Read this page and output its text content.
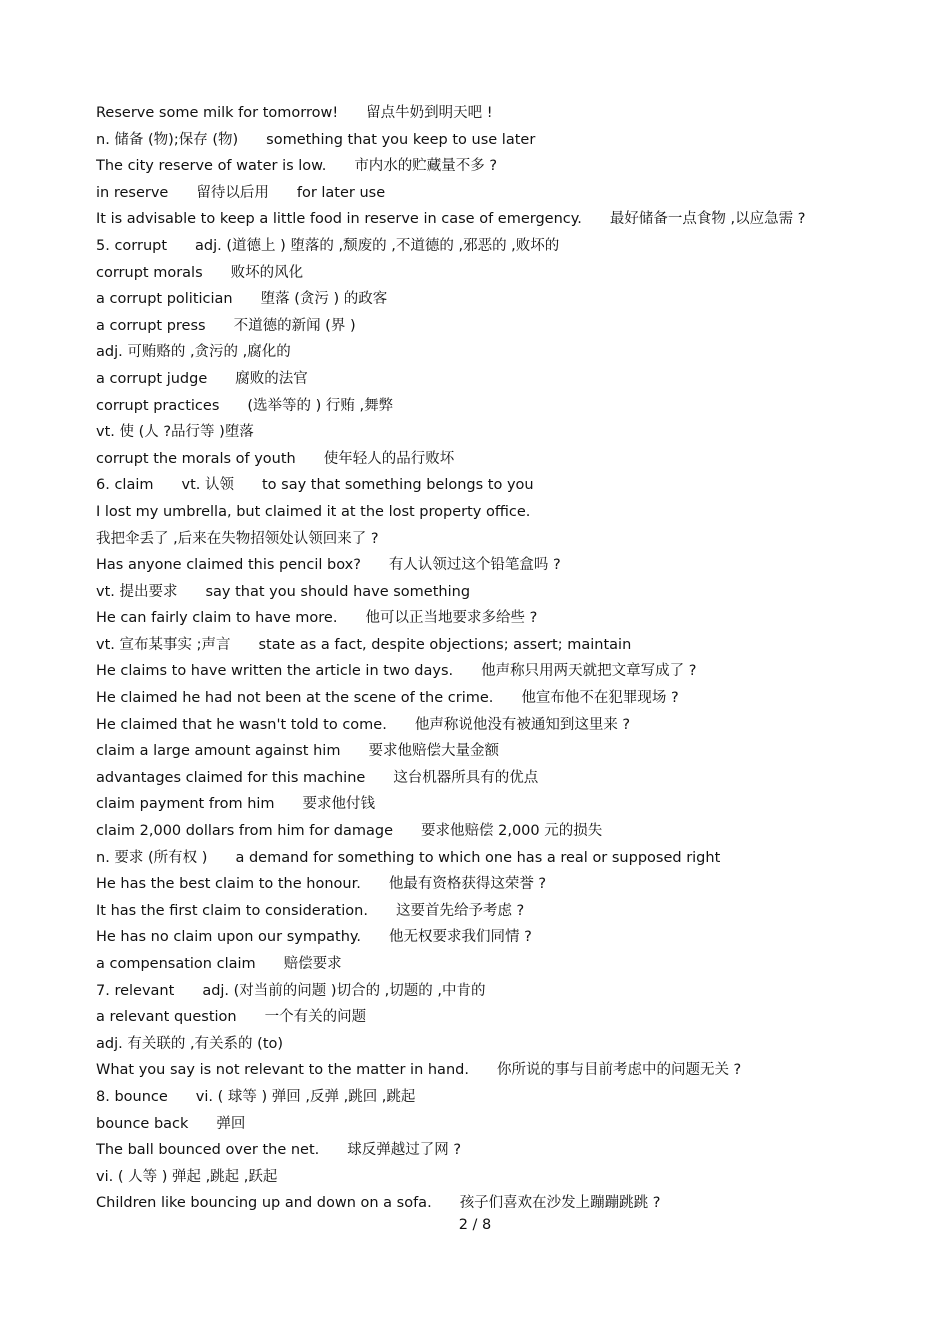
Reserve some milk for tomorrow! 留点牛奶到明天吧 !
n. 储备 (物);保存 (物) something that you keep to use later
The city reserve of water is low. 市内水的贮藏量不多 ?
in reserve 留待以后用 for later use
It is advisable to keep a little food in reserve in case of emergency. 最好储备一点食物 ,以应急需 ?
5. corrupt adj. (道德上 ) 堕落的 ,颓废的 ,不道德的 ,邪恶的 ,败坏的
corrupt morals 败坏的风化
a corrupt politician 堕落 (贪污 ) 的政客
a corrupt press 不道德的新闻 (界 )
adj. 可贿赂的 ,贪污的 ,腐化的
a corrupt judge 腐败的法官
corrupt practices (选举等的 ) 行贿 ,舞弊
vt. 使 (人 ?品行等 )堕落
corrupt the morals of youth 使年轻人的品行败坏
6. claim vt. 认领 to say that something belongs to you
I lost my umbrella, but claimed it at the lost property office.
我把伞丢了 ,后来在失物招领处认领回来了 ?
Has anyone claimed this pencil box? 有人认领过这个铅笔盒吗 ?
vt. 提出要求 say that you should have something
He can fairly claim to have more. 他可以正当地要求多给些 ?
vt. 宣布某事实 ;声言 state as a fact, despite objections; assert; maintain
He claims to have written the article in two days. 他声称只用两天就把文章写成了 ?
He claimed he had not been at the scene of the crime. 他宣布他不在犯罪现场 ?
He claimed that he wasn't told to come. 他声称说他没有被通知到这里来 ?
claim a large amount against him 要求他赔偿大量金额
advantages claimed for this machine 这台机器所具有的优点
claim payment from him 要求他付钱
claim 2,000 dollars from him for damage 要求他赔偿 2,000 元的损失
n. 要求 (所有权 ) a demand for something to which one has a real or supposed right
He has the best claim to the honour. 他最有资格获得这荣誉 ?
It has the first claim to consideration. 这要首先给予考虑 ?
He has no claim upon our sympathy. 他无权要求我们同情 ?
a compensation claim 赔偿要求
7. relevant adj. (对当前的问题 )切合的 ,切题的 ,中肯的
a relevant question 一个有关的问题
adj. 有关联的 ,有关系的 (to)
What you say is not relevant to the matter in hand. 你所说的事与目前考虑中的问题无关 ?
8. bounce vi. ( 球等 ) 弹回 ,反弹 ,跳回 ,跳起
bounce back 弹回
The ball bounced over the net. 球反弹越过了网 ?
vi. ( 人等 ) 弹起 ,跳起 ,跃起
Children like bouncing up and down on a sofa. 孩子们喜欢在沙发上蹦蹦跳跳 ?
2 / 8
